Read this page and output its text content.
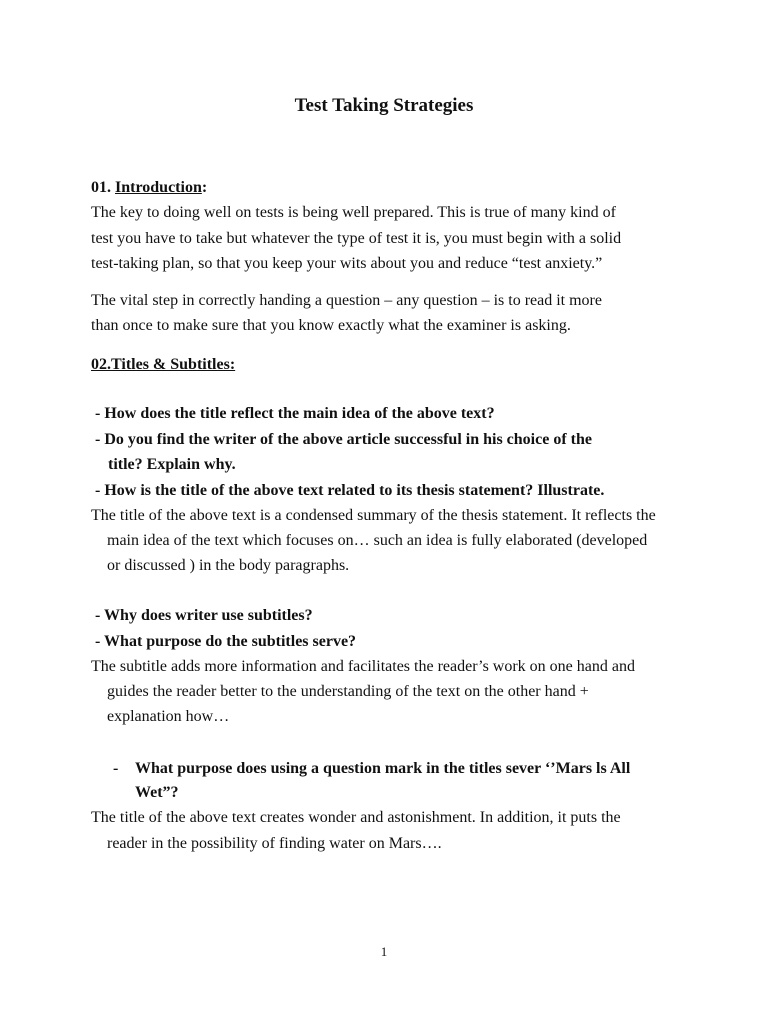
Test Taking Strategies
01. Introduction:
The key to doing well on tests is being well prepared. This is true of many kind of
test you have to take but whatever the type of test it is, you must begin with a solid
test-taking plan, so that you keep your wits about you and reduce “test anxiety.”
The vital step in correctly handing a question – any question – is to read it more
than once to make sure that you know exactly what the examiner is asking.
02.Titles & Subtitles:
- How does the title reflect the main idea of the above text?
- Do you find the writer of the above article successful in his choice of the
title? Explain why.
- How is the title of the above text related to its thesis statement? Illustrate.
The title of the above text is a condensed summary of the thesis statement. It reflects the
main idea of the text which focuses on… such an idea is fully elaborated (developed
or discussed ) in the body paragraphs.
- Why does writer use subtitles?
- What purpose do the subtitles serve?
The subtitle adds more information and facilitates the reader’s work on one hand and
guides the reader better to the understanding of the text on the other hand +
explanation how…
- What purpose does using a question mark in the titles sever ‘’Mars ls All
Wet”?
The title of the above text creates wonder and astonishment. In addition, it puts the
reader in the possibility of finding water on Mars….
1
